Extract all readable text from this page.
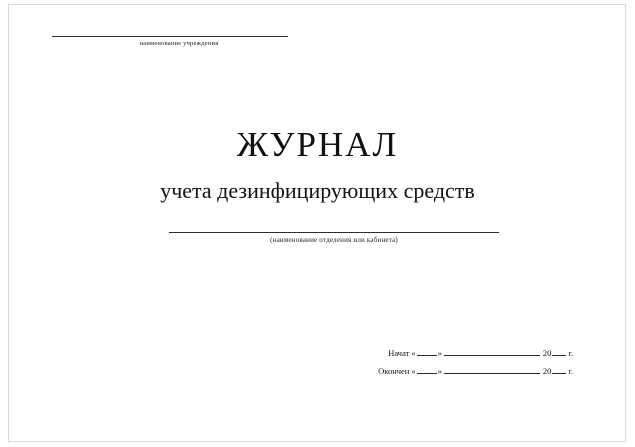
наименование учреждения
ЖУРНАЛ
учета дезинфицирующих средств
(наименование отделения или кабинета)
Начат «	»	20 г.
Окончен «	»	20 г.
